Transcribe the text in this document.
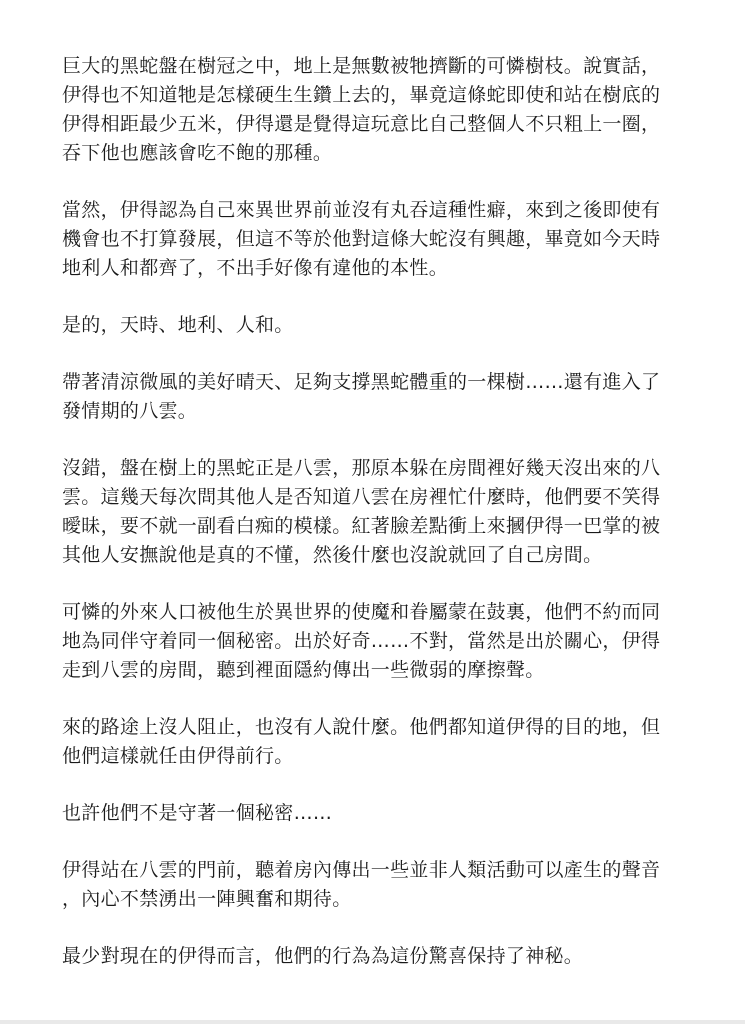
巨大的黑蛇盤在樹冠之中，地上是無數被牠擠斷的可憐樹枝。說實話，
伊得也不知道牠是怎樣硬生生鑽上去的，畢竟這條蛇即使和站在樹底的
伊得相距最少五米，伊得還是覺得這玩意比自己整個人不只粗上一圈，
吞下他也應該會吃不飽的那種。

當然，伊得認為自己來異世界前並沒有丸吞這種性癖，來到之後即使有
機會也不打算發展，但這不等於他對這條大蛇沒有興趣，畢竟如今天時
地利人和都齊了，不出手好像有違他的本性。

是的，天時、地利、人和。

帶著清涼微風的美好晴天、足夠支撐黑蛇體重的一棵樹……還有進入了
發情期的八雲。

沒錯，盤在樹上的黑蛇正是八雲，那原本躲在房間裡好幾天沒出來的八
雲。這幾天每次問其他人是否知道八雲在房裡忙什麼時，他們要不笑得
曖昧，要不就一副看白痴的模樣。紅著臉差點衝上來摑伊得一巴掌的被
其他人安撫說他是真的不懂，然後什麼也沒說就回了自己房間。

可憐的外來人口被他生於異世界的使魔和眷屬蒙在鼓裏，他們不約而同
地為同伴守着同一個秘密。出於好奇……不對，當然是出於關心，伊得
走到八雲的房間，聽到裡面隱約傳出一些微弱的摩擦聲。

來的路途上沒人阻止，也沒有人說什麼。他們都知道伊得的目的地，但
他們這樣就任由伊得前行。

也許他們不是守著一個秘密……

伊得站在八雲的門前，聽着房內傳出一些並非人類活動可以產生的聲音
，內心不禁湧出一陣興奮和期待。

最少對現在的伊得而言，他們的行為為這份驚喜保持了神秘。
